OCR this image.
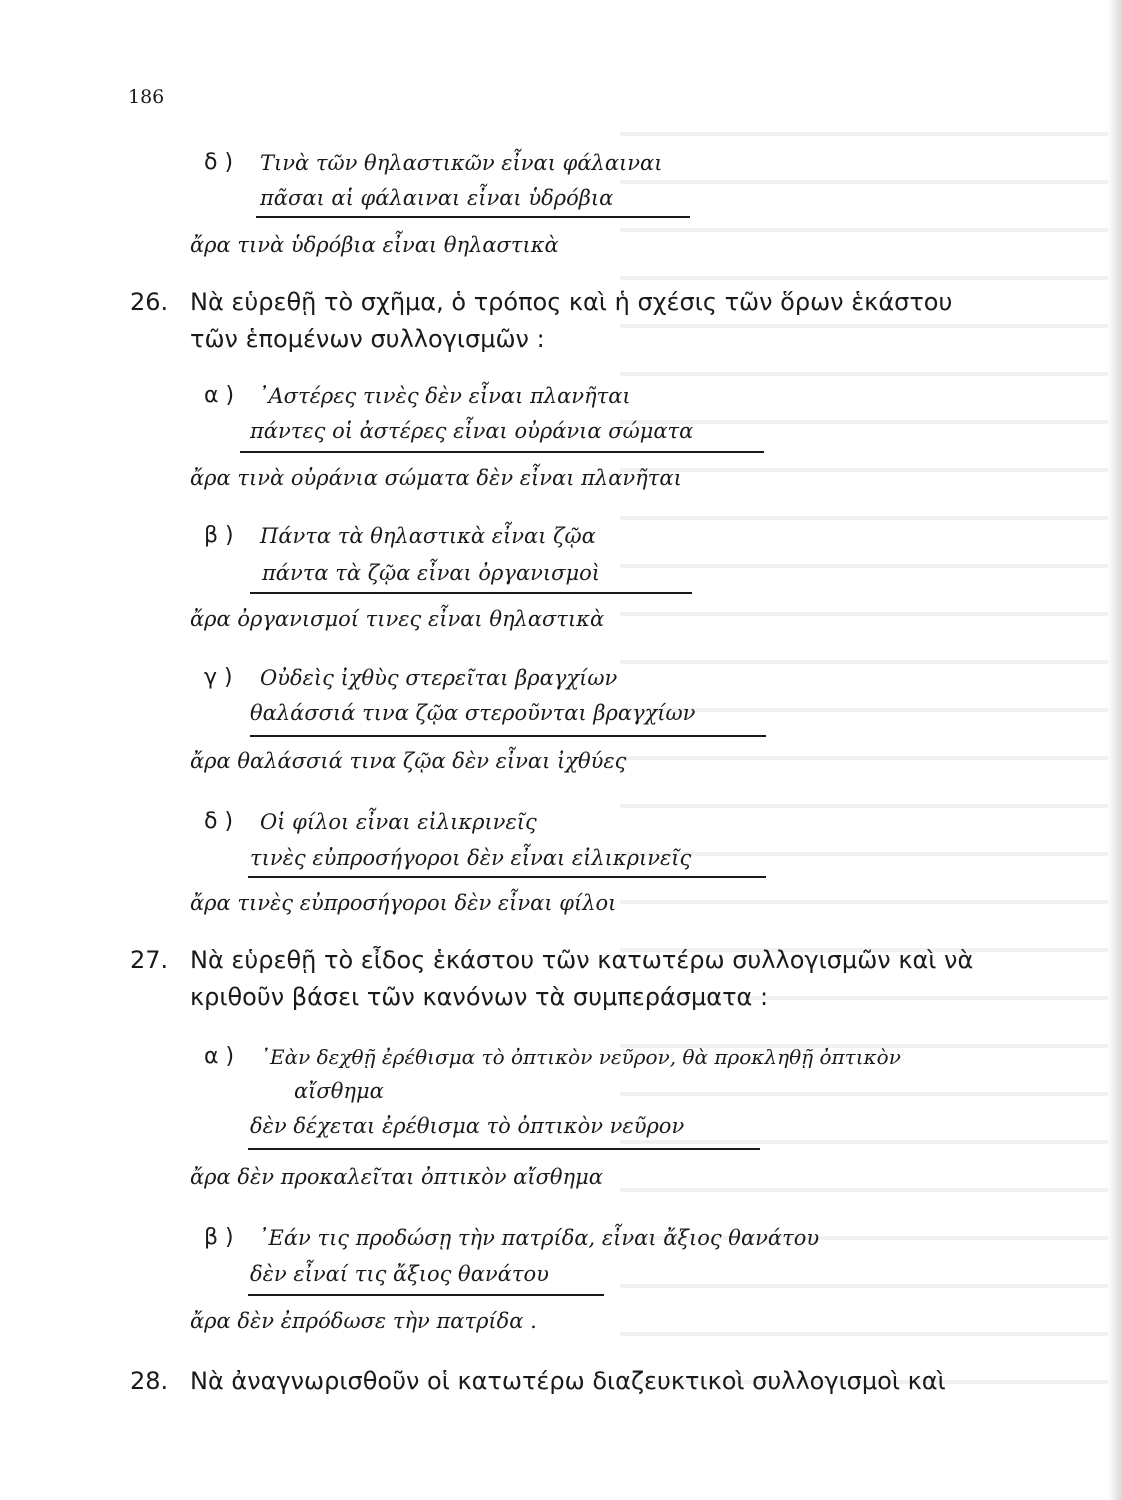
186
δ ) Τινὰ τῶν θηλαστικῶν εἶναι φάλαιναι
πᾶσαι αἱ φάλαιναι εἶναι ὑδρόβια
ἄρα τινὰ ὑδρόβια εἶναι θηλαστικὰ
26. Νὰ εὑρεθῇ τὸ σχῆμα, ὁ τρόπος καὶ ἡ σχέσις τῶν ὅρων ἑκάστου
τῶν ἑπομένων συλλογισμῶν :
α ) ᾿Αστέρες τινὲς δὲν εἶναι πλανῆται
πάντες οἱ ἀστέρες εἶναι οὐράνια σώματα
ἄρα τινὰ οὐράνια σώματα δὲν εἶναι πλανῆται
β ) Πάντα τὰ θηλαστικὰ εἶναι ζῷα
πάντα τὰ ζῷα εἶναι ὀργανισμοὶ
ἄρα ὀργανισμοί τινες εἶναι θηλαστικὰ
γ ) Οὐδεὶς ἰχθὺς στερεῖται βραγχίων
θαλάσσιά τινα ζῷα στεροῦνται βραγχίων
ἄρα θαλάσσιά τινα ζῷα δὲν εἶναι ἰχθύες
δ ) Οἱ φίλοι εἶναι εἰλικρινεῖς
τινὲς εὐπροσήγοροι δὲν εἶναι εἰλικρινεῖς
ἄρα τινὲς εὐπροσήγοροι δὲν εἶναι φίλοι
27. Νὰ εὑρεθῇ τὸ εἶδος ἑκάστου τῶν κατωτέρω συλλογισμῶν καὶ νὰ
κριθοῦν βάσει τῶν κανόνων τὰ συμπεράσματα :
α ) ᾿Εὰν δεχθῇ ἐρέθισμα τὸ ὀπτικὸν νεῦρον, θὰ προκληθῇ ὀπτικὸν
αἴσθημα
δὲν δέχεται ἐρέθισμα τὸ ὀπτικὸν νεῦρον
ἄρα δὲν προκαλεῖται ὀπτικὸν αἴσθημα
β ) ᾿Εάν τις προδώσῃ τὴν πατρίδα, εἶναι ἄξιος θανάτου
δὲν εἶναί τις ἄξιος θανάτου
ἄρα δὲν ἐπρόδωσε τὴν πατρίδα .
28. Νὰ ἀναγνωρισθοῦν οἱ κατωτέρω διαζευκτικοὶ συλλογισμοὶ καὶ
